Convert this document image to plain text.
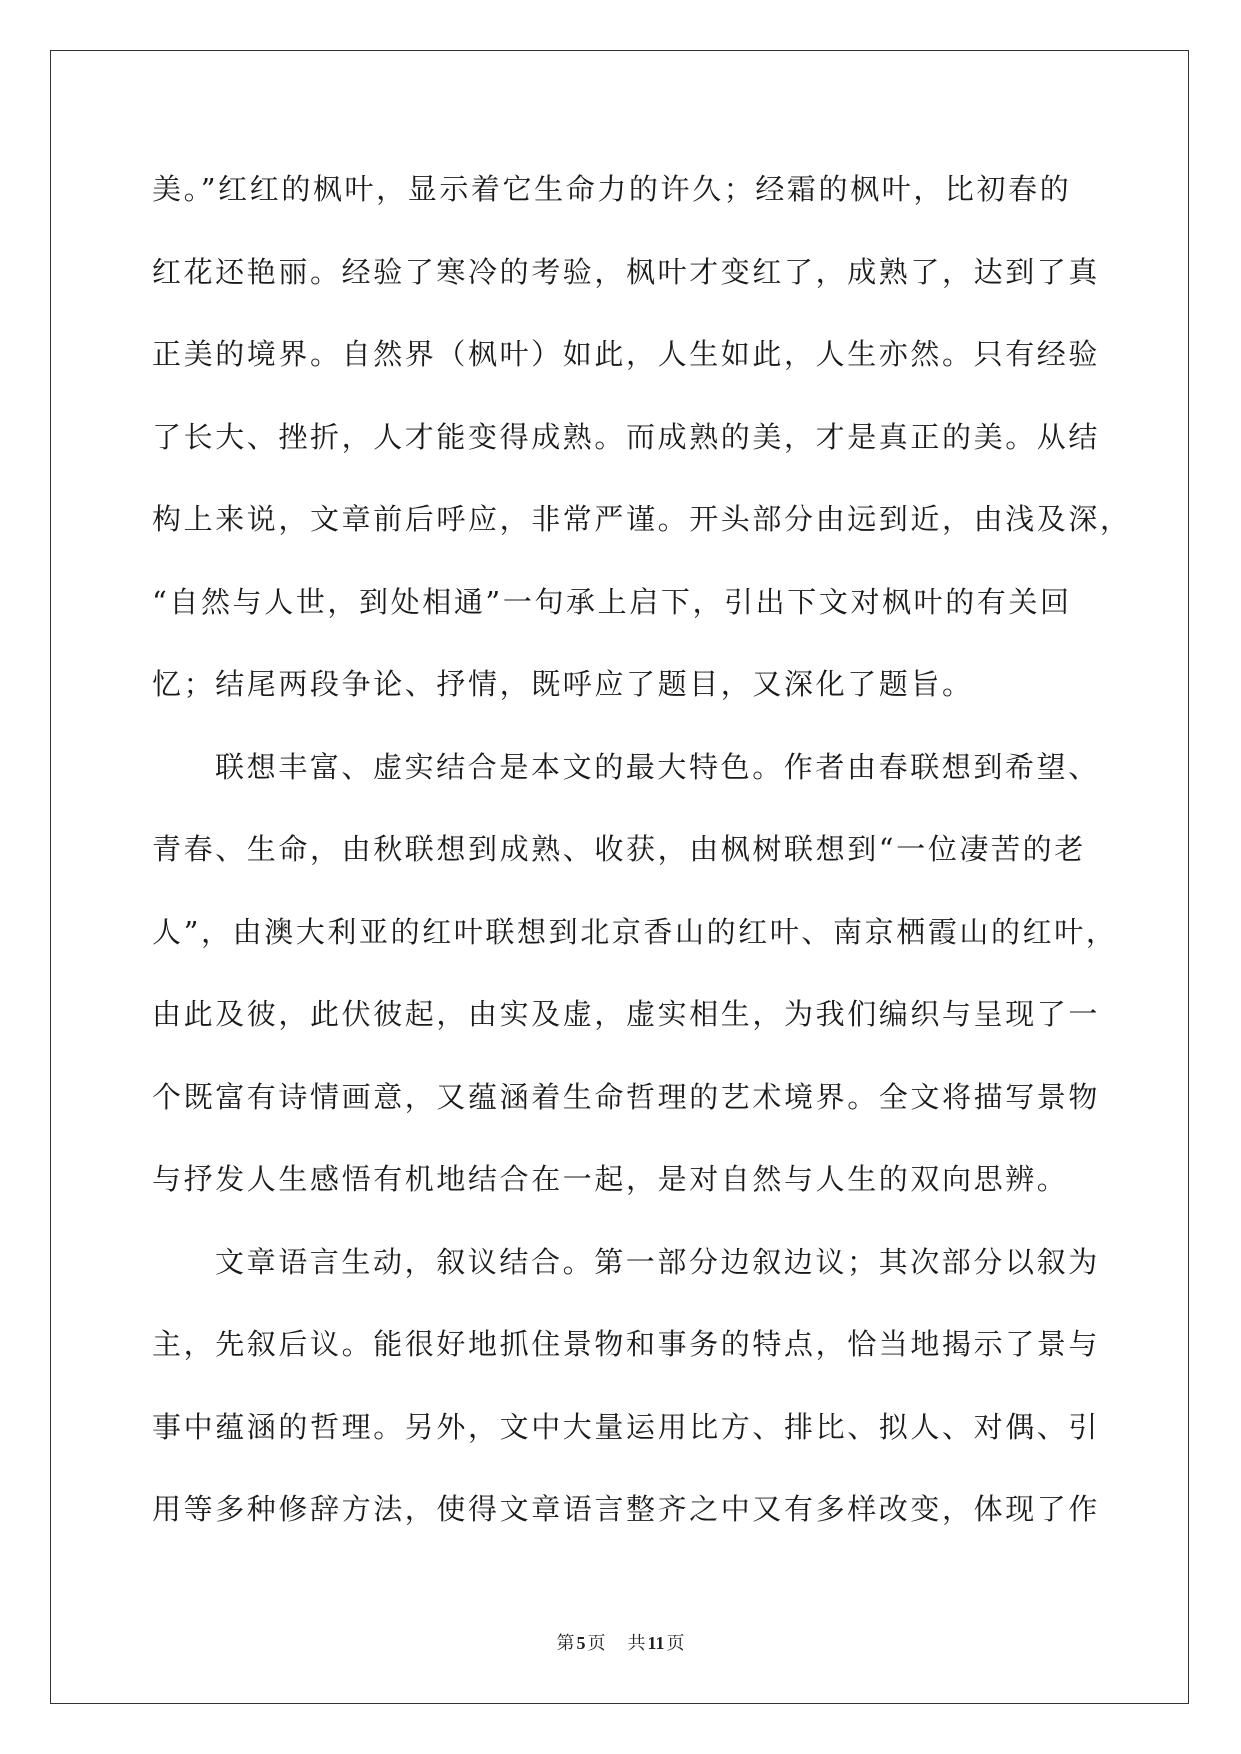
美。”红红的枫叶，显示着它生命力的许久；经霜的枫叶，比初春的
红花还艳丽。经验了寒冷的考验，枫叶才变红了，成熟了，达到了真
正美的境界。自然界（枫叶）如此，人生如此，人生亦然。只有经验
了长大、挫折，人才能变得成熟。而成熟的美，才是真正的美。从结
构上来说，文章前后呼应，非常严谨。开头部分由远到近，由浅及深，
“自然与人世，到处相通”一句承上启下，引出下文对枫叶的有关回
忆；结尾两段争论、抒情，既呼应了题目，又深化了题旨。
联想丰富、虚实结合是本文的最大特色。作者由春联想到希望、
青春、生命，由秋联想到成熟、收获，由枫树联想到“一位凄苦的老
人”，由澳大利亚的红叶联想到北京香山的红叶、南京栖霞山的红叶，
由此及彼，此伏彼起，由实及虚，虚实相生，为我们编织与呈现了一
个既富有诗情画意，又蕴涵着生命哲理的艺术境界。全文将描写景物
与抒发人生感悟有机地结合在一起，是对自然与人生的双向思辨。
文章语言生动，叙议结合。第一部分边叙边议；其次部分以叙为
主，先叙后议。能很好地抓住景物和事务的特点，恰当地揭示了景与
事中蕴涵的哲理。另外，文中大量运用比方、排比、拟人、对偶、引
用等多种修辞方法，使得文章语言整齐之中又有多样改变，体现了作
第 5 页 共 11 页
